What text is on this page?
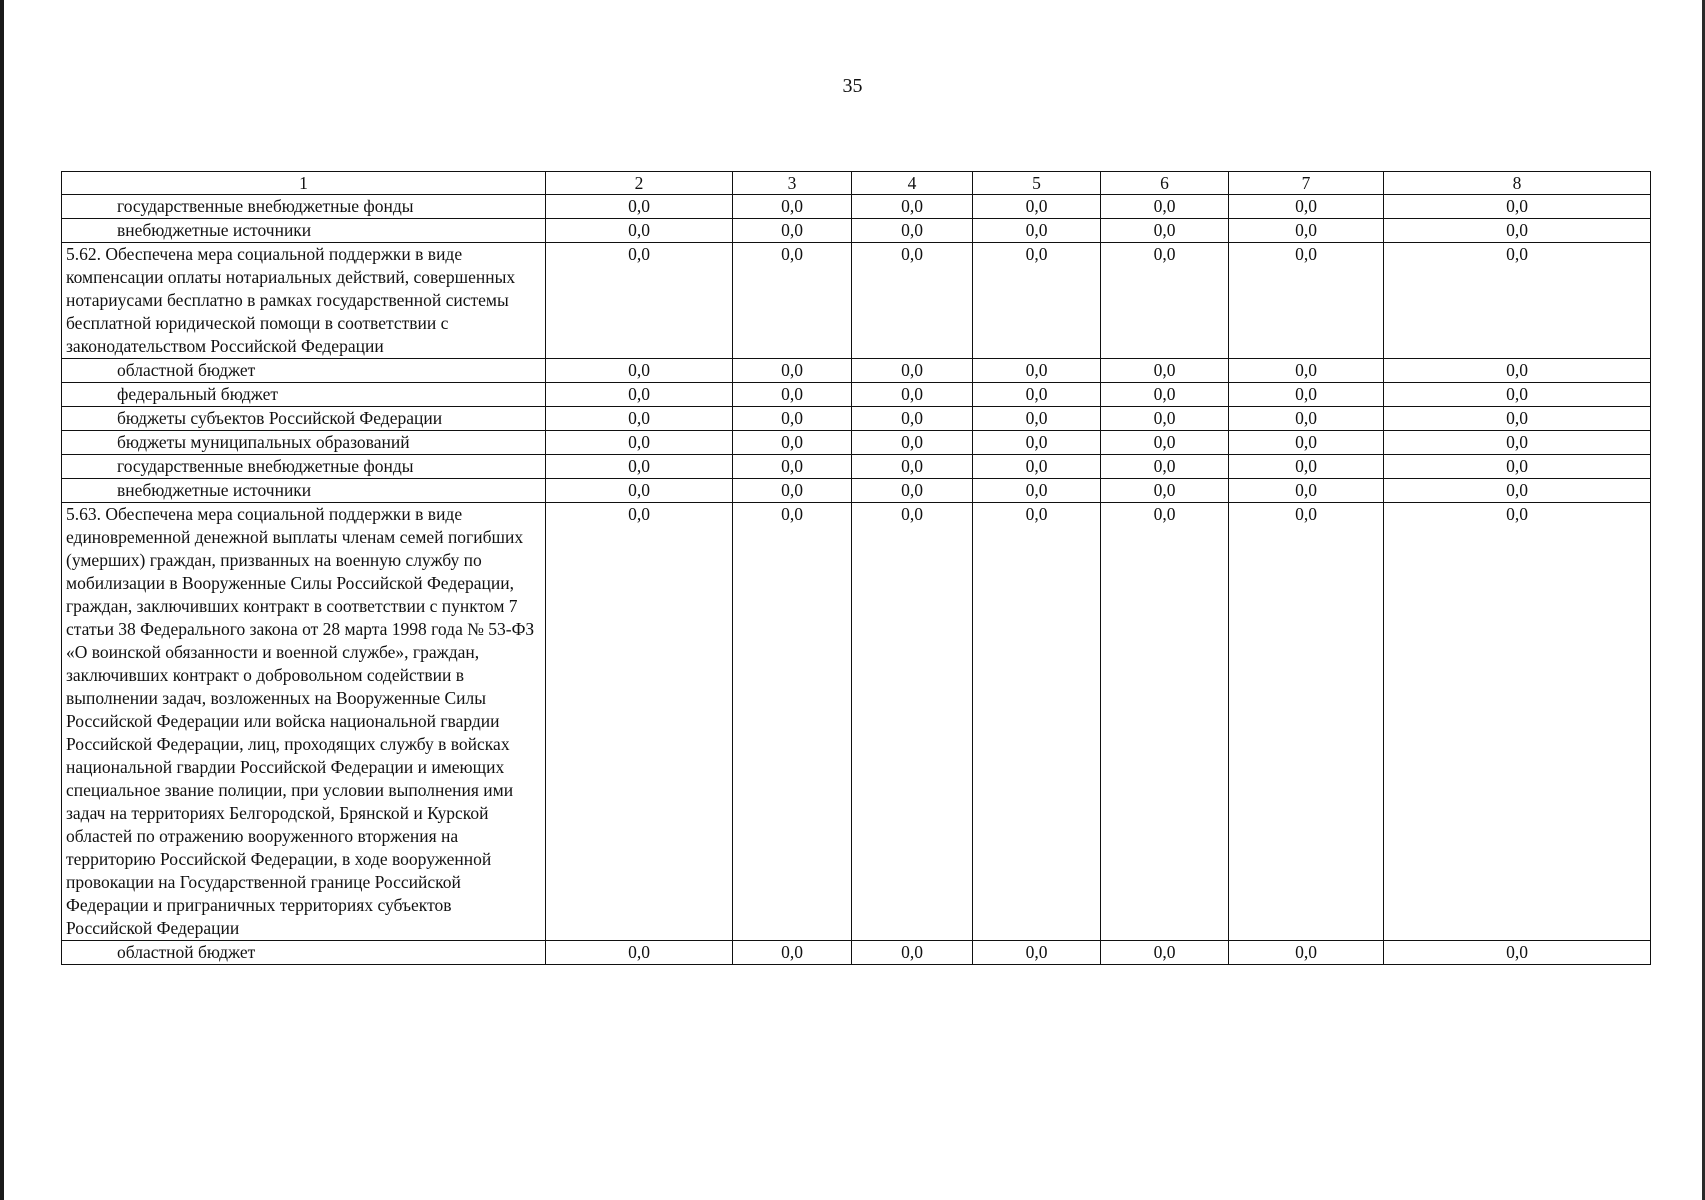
35
1	2	3	4	5	6	7	8
государственные внебюджетные фонды	0,0	0,0	0,0	0,0	0,0	0,0	0,0
внебюджетные источники	0,0	0,0	0,0	0,0	0,0	0,0	0,0
5.62. Обеспечена мера социальной поддержки в виде компенсации оплаты нотариальных действий, совершенных нотариусами бесплатно в рамках государственной системы бесплатной юридической помощи в соответствии с законодательством Российской Федерации	0,0	0,0	0,0	0,0	0,0	0,0	0,0
областной бюджет	0,0	0,0	0,0	0,0	0,0	0,0	0,0
федеральный бюджет	0,0	0,0	0,0	0,0	0,0	0,0	0,0
бюджеты субъектов Российской Федерации	0,0	0,0	0,0	0,0	0,0	0,0	0,0
бюджеты муниципальных образований	0,0	0,0	0,0	0,0	0,0	0,0	0,0
государственные внебюджетные фонды	0,0	0,0	0,0	0,0	0,0	0,0	0,0
внебюджетные источники	0,0	0,0	0,0	0,0	0,0	0,0	0,0
5.63. Обеспечена мера социальной поддержки в виде единовременной денежной выплаты членам семей погибших (умерших) граждан, призванных на военную службу по мобилизации в Вооруженные Силы Российской Федерации, граждан, заключивших контракт в соответствии с пунктом 7 статьи 38 Федерального закона от 28 марта 1998 года № 53-ФЗ «О воинской обязанности и военной службе», граждан, заключивших контракт о добровольном содействии в выполнении задач, возложенных на Вооруженные Силы Российской Федерации или войска национальной гвардии Российской Федерации, лиц, проходящих службу в войсках национальной гвардии Российской Федерации и имеющих специальное звание полиции, при условии выполнения ими задач на территориях Белгородской, Брянской и Курской областей по отражению вооруженного вторжения на территорию Российской Федерации, в ходе вооруженной провокации на Государственной границе Российской Федерации и приграничных территориях субъектов Российской Федерации	0,0	0,0	0,0	0,0	0,0	0,0	0,0
областной бюджет	0,0	0,0	0,0	0,0	0,0	0,0	0,0
